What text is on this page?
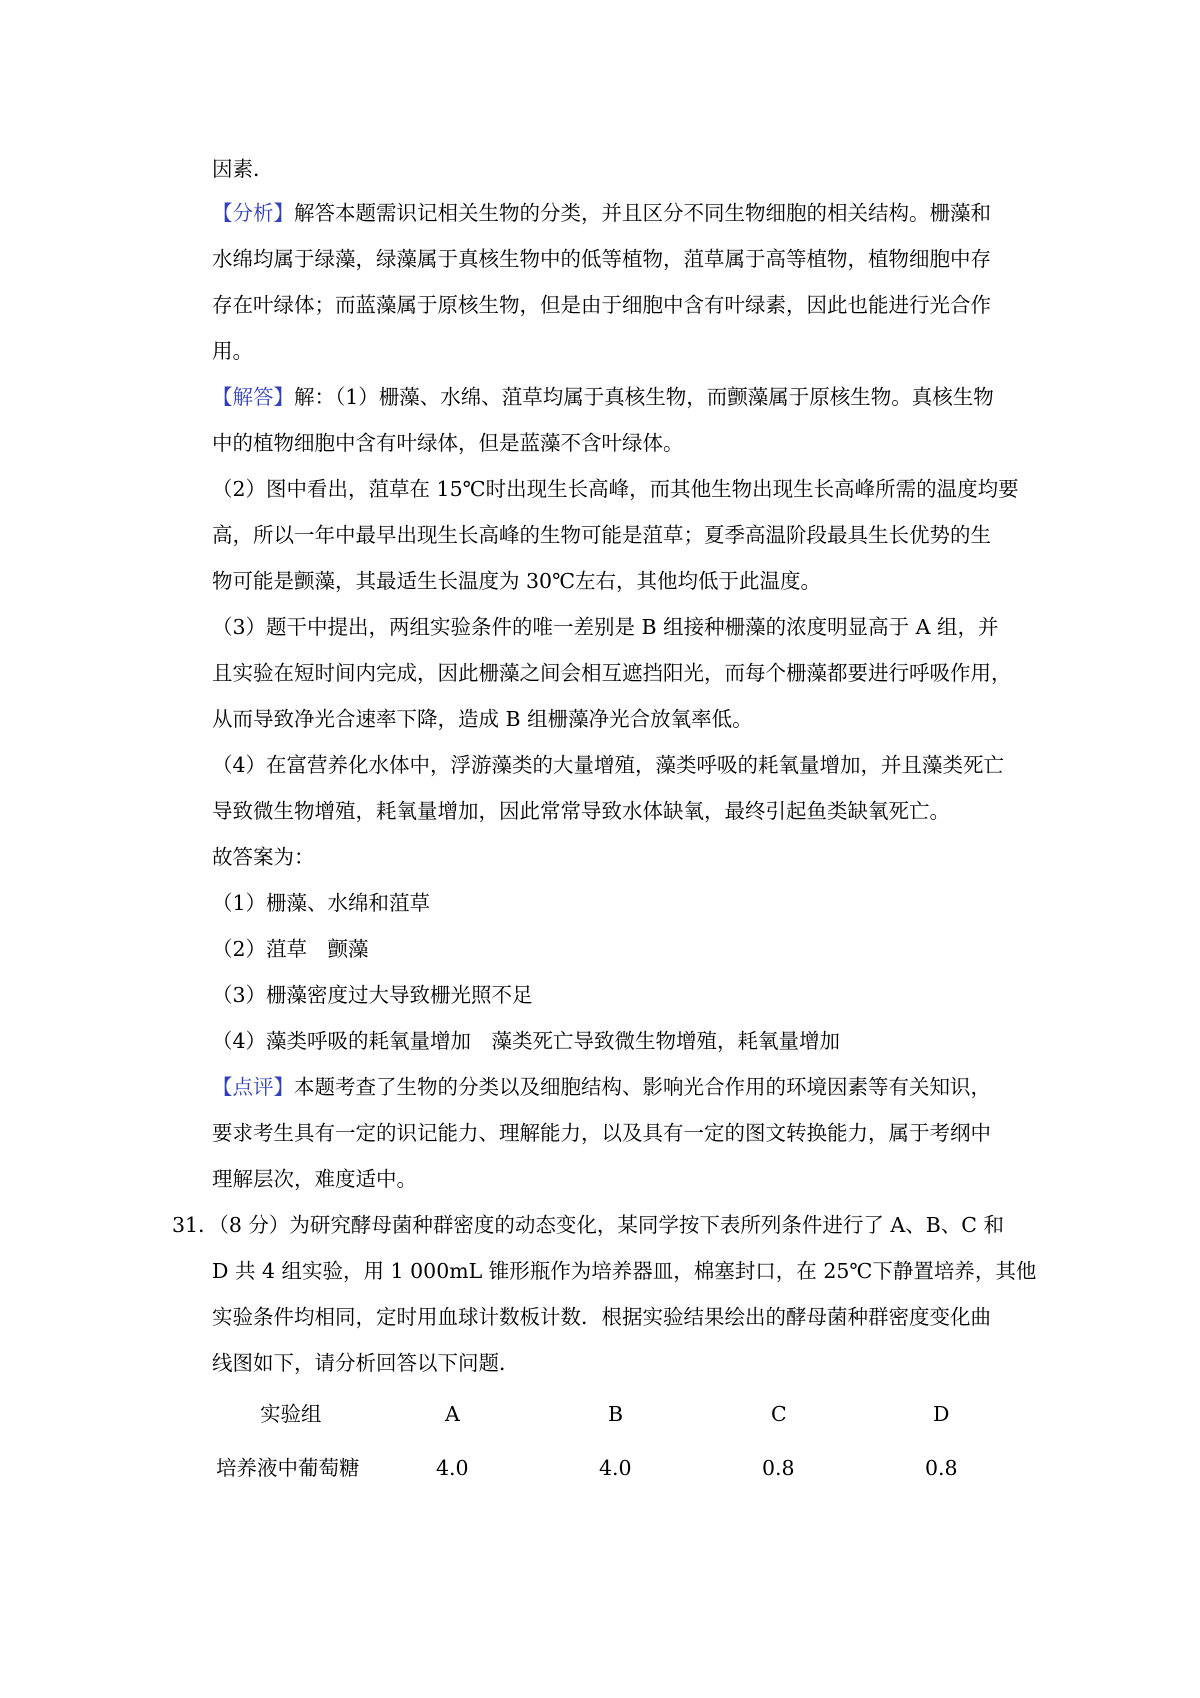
因素．
【分析】解答本题需识记相关生物的分类，并且区分不同生物细胞的相关结构。栅藻和
水绵均属于绿藻，绿藻属于真核生物中的低等植物，菹草属于高等植物，植物细胞中存
存在叶绿体；而蓝藻属于原核生物，但是由于细胞中含有叶绿素，因此也能进行光合作
用。
【解答】解：（1）栅藻、水绵、菹草均属于真核生物，而颤藻属于原核生物。真核生物
中的植物细胞中含有叶绿体，但是蓝藻不含叶绿体。
（2）图中看出，菹草在 15℃时出现生长高峰，而其他生物出现生长高峰所需的温度均要
高，所以一年中最早出现生长高峰的生物可能是菹草；夏季高温阶段最具生长优势的生
物可能是颤藻，其最适生长温度为 30℃左右，其他均低于此温度。
（3）题干中提出，两组实验条件的唯一差别是 B 组接种栅藻的浓度明显高于 A 组，并
且实验在短时间内完成，因此栅藻之间会相互遮挡阳光，而每个栅藻都要进行呼吸作用，
从而导致净光合速率下降，造成 B 组栅藻净光合放氧率低。
（4）在富营养化水体中，浮游藻类的大量增殖，藻类呼吸的耗氧量增加，并且藻类死亡
导致微生物增殖，耗氧量增加，因此常常导致水体缺氧，最终引起鱼类缺氧死亡。
故答案为：
（1）栅藻、水绵和菹草
（2）菹草　颤藻
（3）栅藻密度过大导致栅光照不足
（4）藻类呼吸的耗氧量增加　藻类死亡导致微生物增殖，耗氧量增加
【点评】本题考查了生物的分类以及细胞结构、影响光合作用的环境因素等有关知识，
要求考生具有一定的识记能力、理解能力，以及具有一定的图文转换能力，属于考纲中
理解层次，难度适中。
31．（8 分）为研究酵母菌种群密度的动态变化，某同学按下表所列条件进行了 A、B、C 和
D 共 4 组实验，用 1 000mL 锥形瓶作为培养器皿，棉塞封口，在 25℃下静置培养，其他
实验条件均相同，定时用血球计数板计数．根据实验结果绘出的酵母菌种群密度变化曲
线图如下，请分析回答以下问题．
实验组	A	B	C	D
培养液中葡萄糖	4.0	4.0	0.8	0.8
